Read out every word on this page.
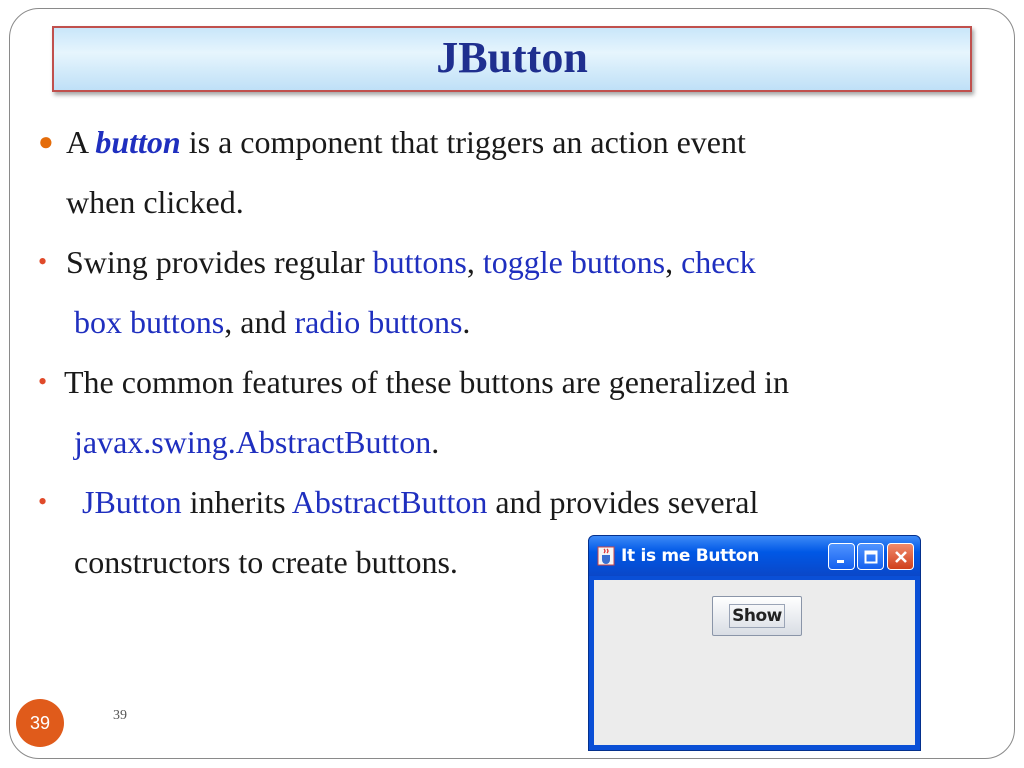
JButton
● A button is a component that triggers an action event
when clicked.
• Swing provides regular buttons, toggle buttons, check
box buttons, and radio buttons.
• The common features of these buttons are generalized in
javax.swing.AbstractButton.
• JButton inherits AbstractButton and provides several
constructors to create buttons.	It is me Button
Show
39	39
